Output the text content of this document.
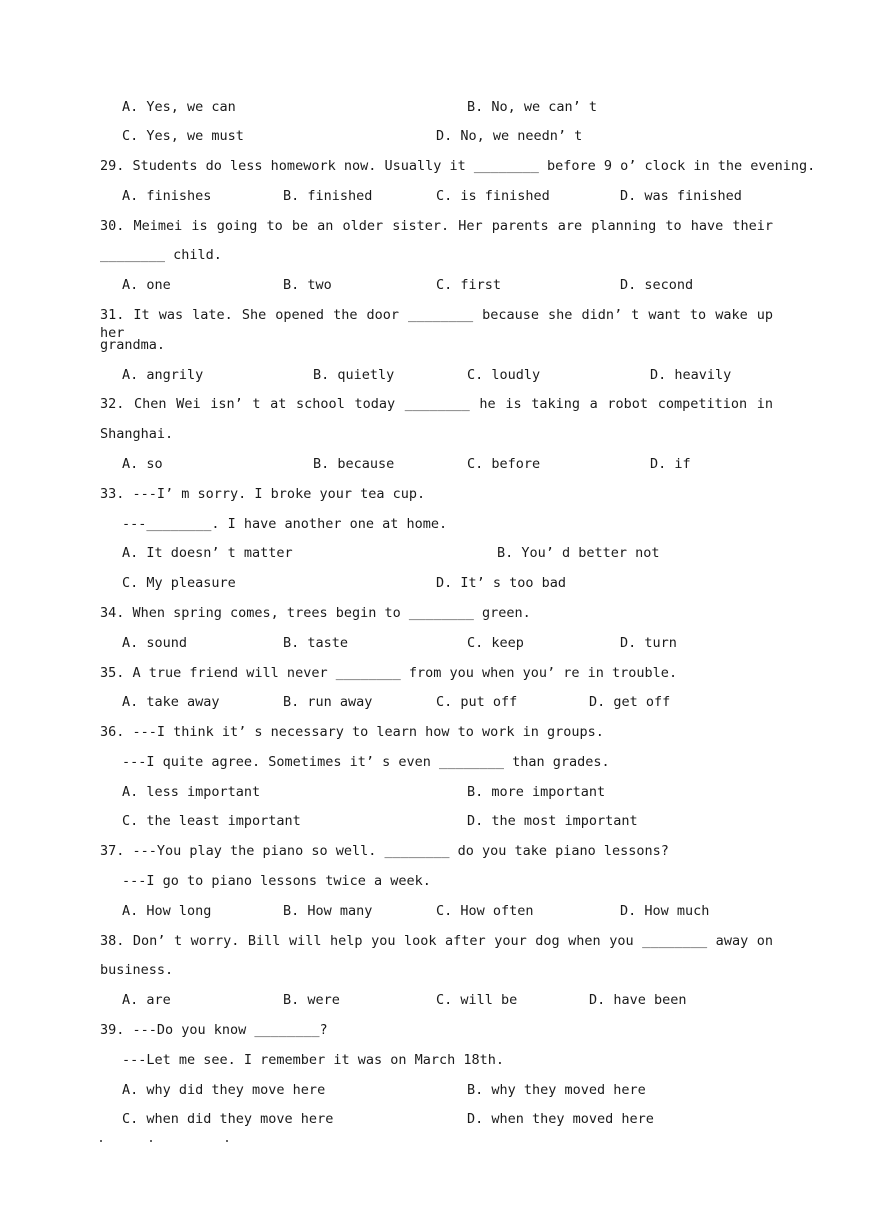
A. Yes, we can	B. No, we can’ t
C. Yes, we must	D. No, we needn’ t
29. Students do less homework now. Usually it ________ before 9 o’ clock in the evening.
A. finishes	B. finished	C. is finished	D. was finished
30. Meimei is going to be an older sister. Her parents are planning to have their
________ child.
A. one	B. two	C. first	D. second
31. It was late. She opened the door ________ because she didn’ t want to wake up her
grandma.
A. angrily	B. quietly	C. loudly	D. heavily
32. Chen Wei isn’ t at school today ________ he is taking a robot competition in
Shanghai.
A. so	B. because	C. before	D. if
33. ---I’ m sorry. I broke your tea cup.
---________. I have another one at home.
A. It doesn’ t matter	B. You’ d better not
C. My pleasure	D. It’ s too bad
34. When spring comes, trees begin to ________ green.
A. sound	B. taste	C. keep	D. turn
35. A true friend will never ________ from you when you’ re in trouble.
A. take away	B. run away	C. put off	D. get off
36. ---I think it’ s necessary to learn how to work in groups.
---I quite agree. Sometimes it’ s even ________ than grades.
A. less important	B. more important
C. the least important	D. the most important
37. ---You play the piano so well. ________ do you take piano lessons?
---I go to piano lessons twice a week.
A. How long	B. How many	C. How often	D. How much
38. Don’ t worry. Bill will help you look after your dog when you ________ away on
business.
A. are	B. were	C. will be	D. have been
39. ---Do you know ________?
---Let me see. I remember it was on March 18th.
A. why did they move here	B. why they moved here
C. when did they move here	D. when they moved here
